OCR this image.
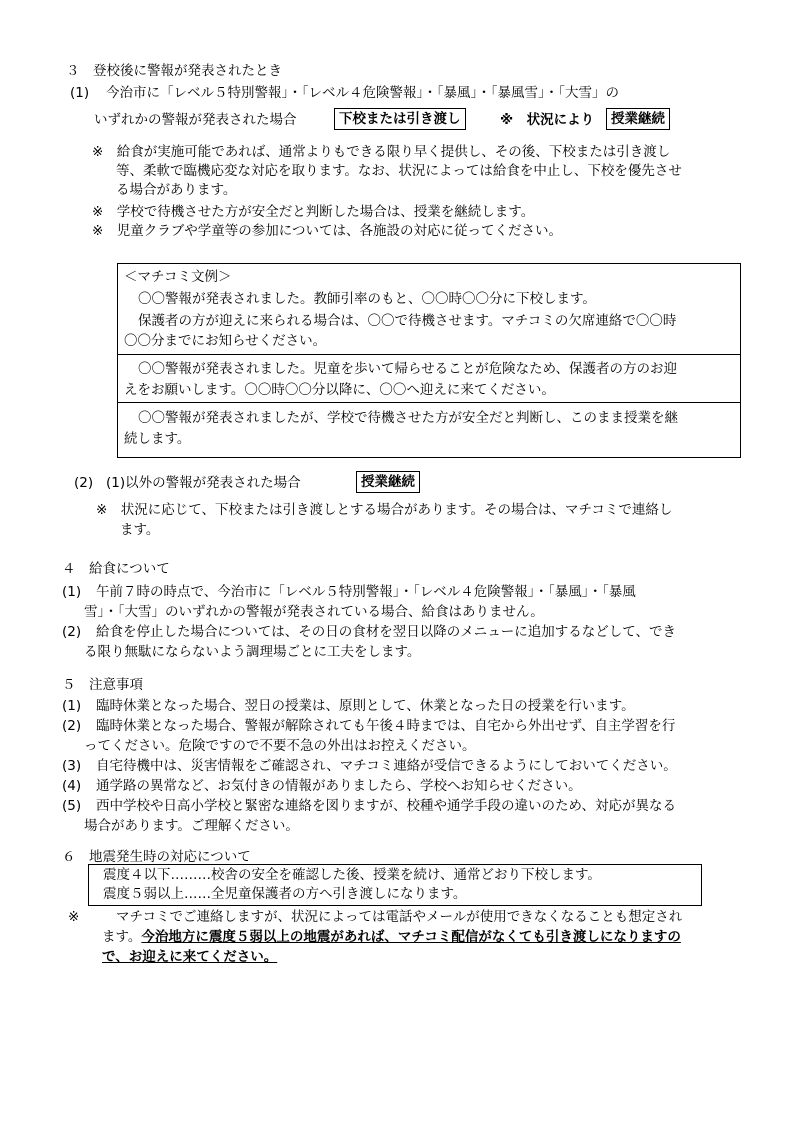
３　登校後に警報が発表されたとき
(1) 今治市に「レベル５特別警報」・「レベル４危険警報」・「暴風」・「暴風雪」・「大雪」の
いずれかの警報が発表された場合	下校または引き渡し	※　状況により	授業継続
※　給食が実施可能であれば、通常よりもできる限り早く提供し、その後、下校または引き渡し
等、柔軟で臨機応変な対応を取ります。なお、状況によっては給食を中止し、下校を優先させ
る場合があります。
※　学校で待機させた方が安全だと判断した場合は、授業を継続します。
※　児童クラブや学童等の参加については、各施設の対応に従ってください。
＜マチコミ文例＞
〇〇警報が発表されました。教師引率のもと、〇〇時〇〇分に下校します。
保護者の方が迎えに来られる場合は、〇〇で待機させます。マチコミの欠席連絡で〇〇時
〇〇分までにお知らせください。
〇〇警報が発表されました。児童を歩いて帰らせることが危険なため、保護者の方のお迎
えをお願いします。〇〇時〇〇分以降に、〇〇へ迎えに来てください。
〇〇警報が発表されましたが、学校で待機させた方が安全だと判断し、このまま授業を継
続します。
(2) (1)以外の警報が発表された場合	授業継続
※　状況に応じて、下校または引き渡しとする場合があります。その場合は、マチコミで連絡し
ます。
４　給食について
(1) 午前７時の時点で、今治市に「レベル５特別警報」・「レベル４危険警報」・「暴風」・「暴風
雪」・「大雪」のいずれかの警報が発表されている場合、給食はありません。
(2) 給食を停止した場合については、その日の食材を翌日以降のメニューに追加するなどして、でき
る限り無駄にならないよう調理場ごとに工夫をします。
５　注意事項
(1) 臨時休業となった場合、翌日の授業は、原則として、休業となった日の授業を行います。
(2) 臨時休業となった場合、警報が解除されても午後４時までは、自宅から外出せず、自主学習を行
ってください。危険ですので不要不急の外出はお控えください。
(3) 自宅待機中は、災害情報をご確認され、マチコミ連絡が受信できるようにしておいてください。
(4) 通学路の異常など、お気付きの情報がありましたら、学校へお知らせください。
(5) 西中学校や日高小学校と緊密な連絡を図りますが、校種や通学手段の違いのため、対応が異なる
場合があります。ご理解ください。
６　地震発生時の対応について
震度４以下………校舎の安全を確認した後、授業を続け、通常どおり下校します。
震度５弱以上……全児童保護者の方へ引き渡しになります。
※	マチコミでご連絡しますが、状況によっては電話やメールが使用できなくなることも想定され
ます。今治地方に震度５弱以上の地震があれば、マチコミ配信がなくても引き渡しになりますの
で、お迎えに来てください。
